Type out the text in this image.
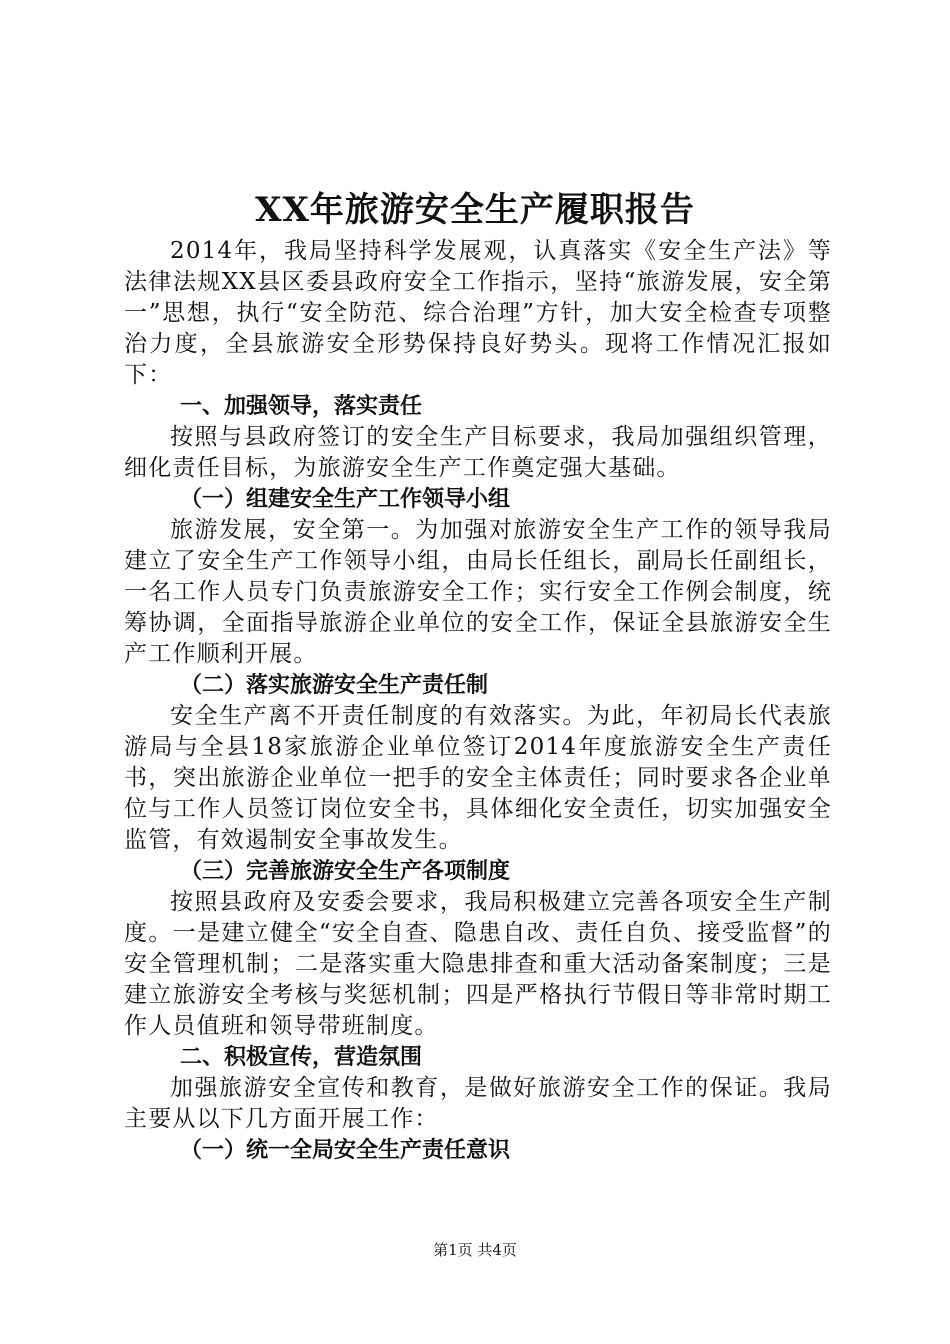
XX年旅游安全生产履职报告

2014年，我局坚持科学发展观，认真落实《安全生产法》等法律法规XX县区委县政府安全工作指示，坚持“旅游发展，安全第一”思想，执行“安全防范、综合治理”方针，加大安全检查专项整治力度，全县旅游安全形势保持良好势头。现将工作情况汇报如下：

一、加强领导，落实责任

按照与县政府签订的安全生产目标要求，我局加强组织管理，细化责任目标，为旅游安全生产工作奠定强大基础。

（一）组建安全生产工作领导小组

旅游发展，安全第一。为加强对旅游安全生产工作的领导我局建立了安全生产工作领导小组，由局长任组长，副局长任副组长，一名工作人员专门负责旅游安全工作；实行安全工作例会制度，统筹协调，全面指导旅游企业单位的安全工作，保证全县旅游安全生产工作顺利开展。

（二）落实旅游安全生产责任制

安全生产离不开责任制度的有效落实。为此，年初局长代表旅游局与全县18家旅游企业单位签订2014年度旅游安全生产责任书，突出旅游企业单位一把手的安全主体责任；同时要求各企业单位与工作人员签订岗位安全书，具体细化安全责任，切实加强安全监管，有效遏制安全事故发生。

（三）完善旅游安全生产各项制度

按照县政府及安委会要求，我局积极建立完善各项安全生产制度。一是建立健全“安全自查、隐患自改、责任自负、接受监督”的安全管理机制；二是落实重大隐患排查和重大活动备案制度；三是建立旅游安全考核与奖惩机制；四是严格执行节假日等非常时期工作人员值班和领导带班制度。

二、积极宣传，营造氛围

加强旅游安全宣传和教育，是做好旅游安全工作的保证。我局主要从以下几方面开展工作：

（一）统一全局安全生产责任意识
第1页 共4页
